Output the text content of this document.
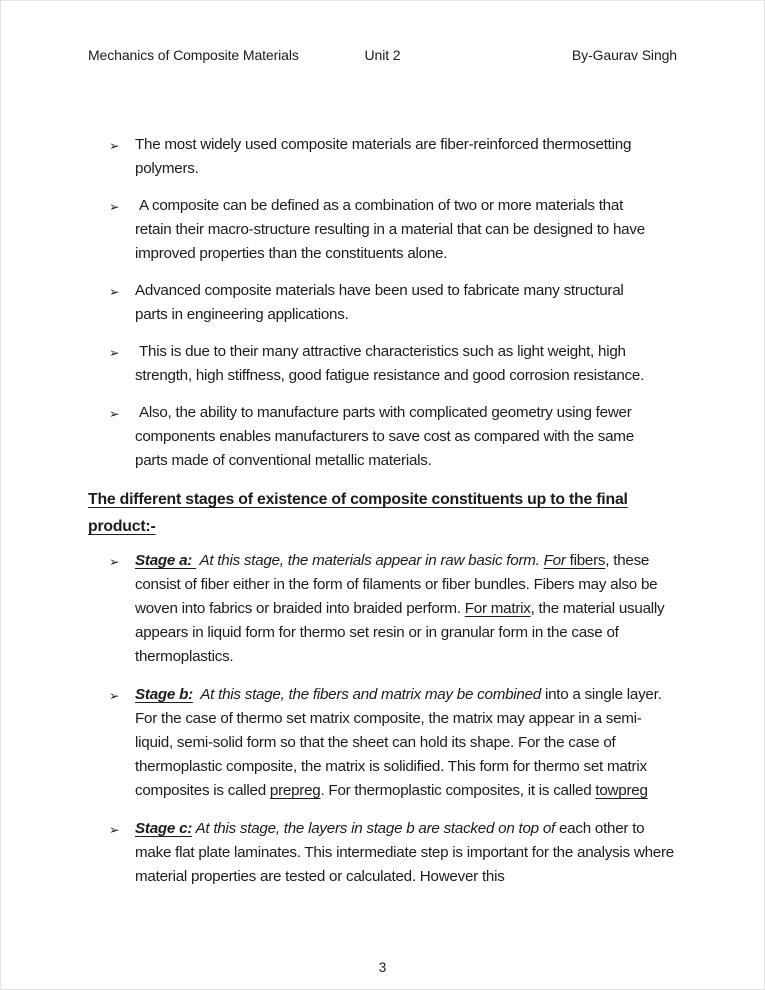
Mechanics of Composite Materials	Unit 2	By-Gaurav Singh
➢ The most widely used composite materials are fiber-reinforced thermosetting polymers.
➢ A composite can be defined as a combination of two or more materials that retain their macro-structure resulting in a material that can be designed to have improved properties than the constituents alone.
➢ Advanced composite materials have been used to fabricate many structural parts in engineering applications.
➢ This is due to their many attractive characteristics such as light weight, high strength, high stiffness, good fatigue resistance and good corrosion resistance.
➢ Also, the ability to manufacture parts with complicated geometry using fewer components enables manufacturers to save cost as compared with the same parts made of conventional metallic materials.
The different stages of existence of composite constituents up to the final product:-
➢ Stage a:  At this stage, the materials appear in raw basic form. For fibers, these consist of fiber either in the form of filaments or fiber bundles. Fibers may also be woven into fabrics or braided into braided perform. For matrix, the material usually appears in liquid form for thermo set resin or in granular form in the case of thermoplastics.
➢ Stage b:  At this stage, the fibers and matrix may be combined into a single layer. For the case of thermo set matrix composite, the matrix may appear in a semi-liquid, semi-solid form so that the sheet can hold its shape. For the case of thermoplastic composite, the matrix is solidified. This form for thermo set matrix composites is called prepreg. For thermoplastic composites, it is called towpreg
➢ Stage c: At this stage, the layers in stage b are stacked on top of each other to make flat plate laminates. This intermediate step is important for the analysis where material properties are tested or calculated. However this
3
